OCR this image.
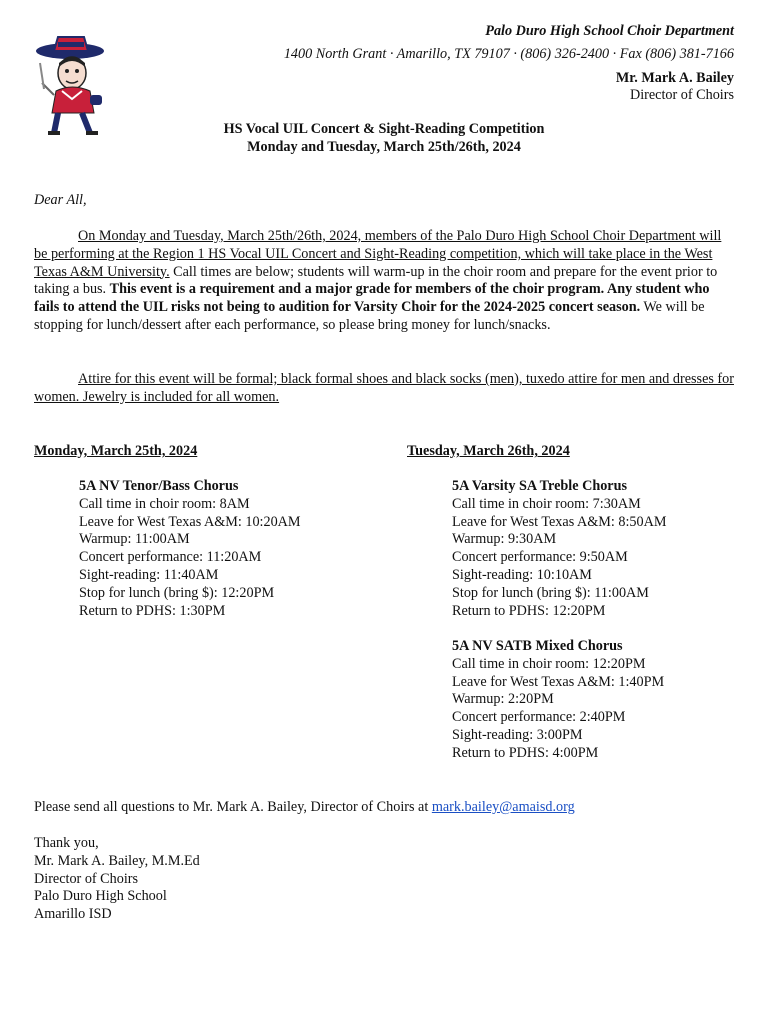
Palo Duro High School Choir Department
1400 North Grant · Amarillo, TX 79107 · (806) 326-2400 · Fax (806) 381-7166
Mr. Mark A. Bailey
Director of Choirs
HS Vocal UIL Concert & Sight-Reading Competition
Monday and Tuesday, March 25th/26th, 2024
Dear All,
On Monday and Tuesday, March 25th/26th, 2024, members of the Palo Duro High School Choir Department will be performing at the Region 1 HS Vocal UIL Concert and Sight-Reading competition, which will take place in the West Texas A&M University. Call times are below; students will warm-up in the choir room and prepare for the event prior to taking a bus. This event is a requirement and a major grade for members of the choir program. Any student who fails to attend the UIL risks not being to audition for Varsity Choir for the 2024-2025 concert season. We will be stopping for lunch/dessert after each performance, so please bring money for lunch/snacks.
Attire for this event will be formal; black formal shoes and black socks (men), tuxedo attire for men and dresses for women. Jewelry is included for all women.
Monday, March 25th, 2024
5A NV Tenor/Bass Chorus
Call time in choir room: 8AM
Leave for West Texas A&M: 10:20AM
Warmup: 11:00AM
Concert performance: 11:20AM
Sight-reading: 11:40AM
Stop for lunch (bring $): 12:20PM
Return to PDHS: 1:30PM
Tuesday, March 26th, 2024
5A Varsity SA Treble Chorus
Call time in choir room: 7:30AM
Leave for West Texas A&M: 8:50AM
Warmup: 9:30AM
Concert performance: 9:50AM
Sight-reading: 10:10AM
Stop for lunch (bring $): 11:00AM
Return to PDHS: 12:20PM
5A NV SATB Mixed Chorus
Call time in choir room: 12:20PM
Leave for West Texas A&M: 1:40PM
Warmup: 2:20PM
Concert performance: 2:40PM
Sight-reading: 3:00PM
Return to PDHS: 4:00PM
Please send all questions to Mr. Mark A. Bailey, Director of Choirs at mark.bailey@amaisd.org
Thank you,
Mr. Mark A. Bailey, M.M.Ed
Director of Choirs
Palo Duro High School
Amarillo ISD
